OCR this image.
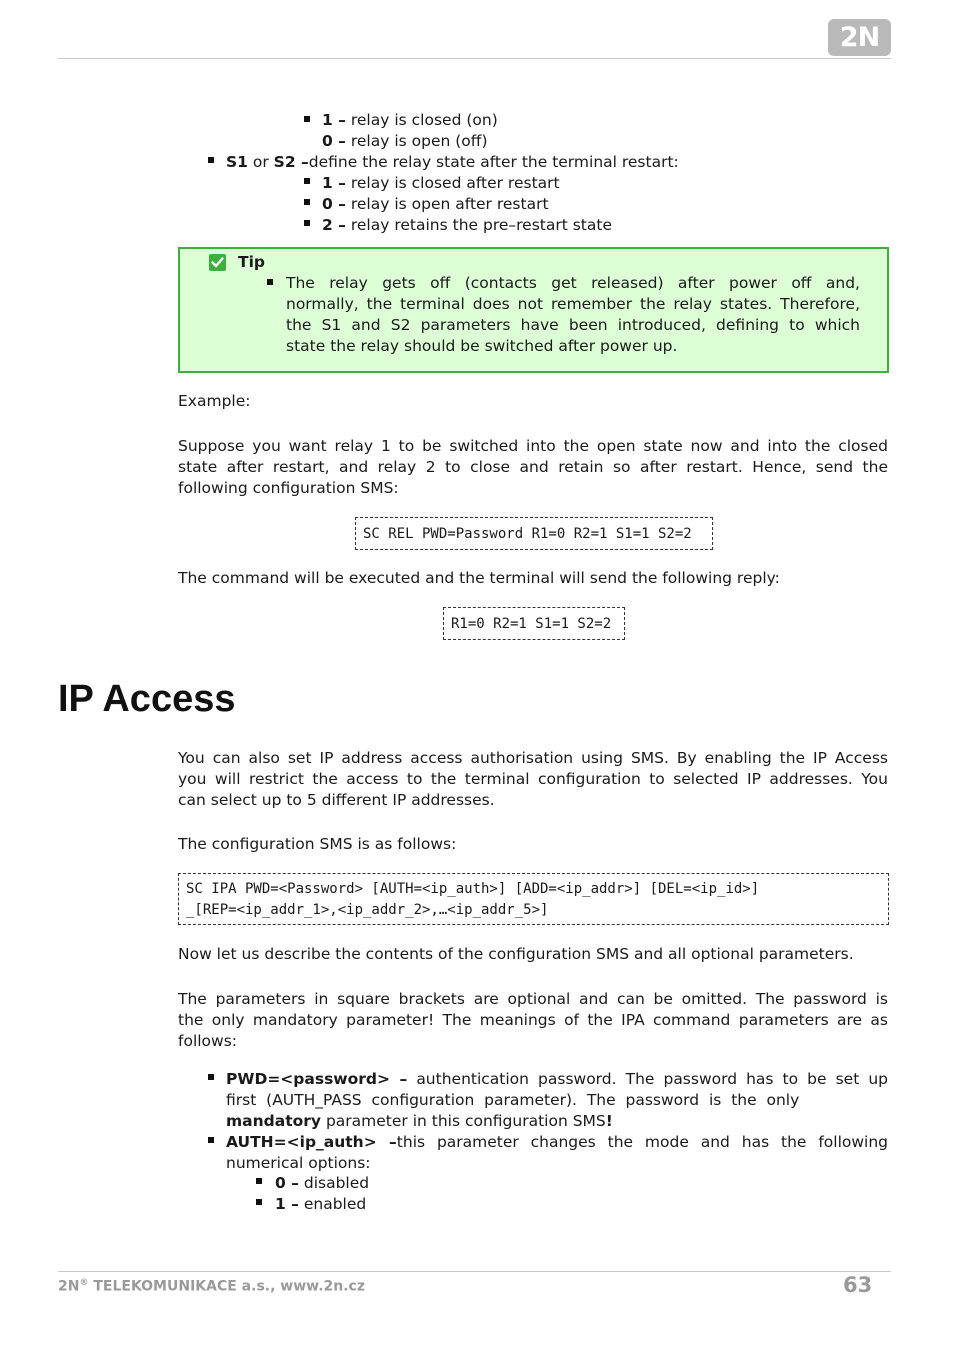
2N
1 – relay is closed (on)
0 – relay is open (off)
S1 or S2 –define the relay state after the terminal restart:
1 – relay is closed after restart
0 – relay is open after restart
2 – relay retains the pre–restart state
Tip
The relay gets off (contacts get released) after power off and,
normally, the terminal does not remember the relay states. Therefore,
the S1 and S2 parameters have been introduced, defining to which
state the relay should be switched after power up.
Example:
Suppose you want relay 1 to be switched into the open state now and into the closed
state after restart, and relay 2 to close and retain so after restart. Hence, send the
following configuration SMS:
SC REL PWD=Password R1=0 R2=1 S1=1 S2=2
The command will be executed and the terminal will send the following reply:
R1=0 R2=1 S1=1 S2=2
IP Access
You can also set IP address access authorisation using SMS. By enabling the IP Access
you will restrict the access to the terminal configuration to selected IP addresses. You
can select up to 5 different IP addresses.
The configuration SMS is as follows:
SC IPA PWD=<Password> [AUTH=<ip_auth>] [ADD=<ip_addr>] [DEL=<ip_id>]
_[REP=<ip_addr_1>,<ip_addr_2>,…<ip_addr_5>]
Now let us describe the contents of the configuration SMS and all optional parameters.
The parameters in square brackets are optional and can be omitted. The password is
the only mandatory parameter! The meanings of the IPA command parameters are as
follows:
PWD=<password> – authentication password. The password has to be set up
first  (AUTH_PASS  configuration  parameter).  The  password  is  the  only
mandatory parameter in this configuration SMS!
AUTH=<ip_auth> –this parameter changes the mode and has the following
numerical options:
0 – disabled
1 – enabled
2N® TELEKOMUNIKACE a.s., www.2n.cz	63
